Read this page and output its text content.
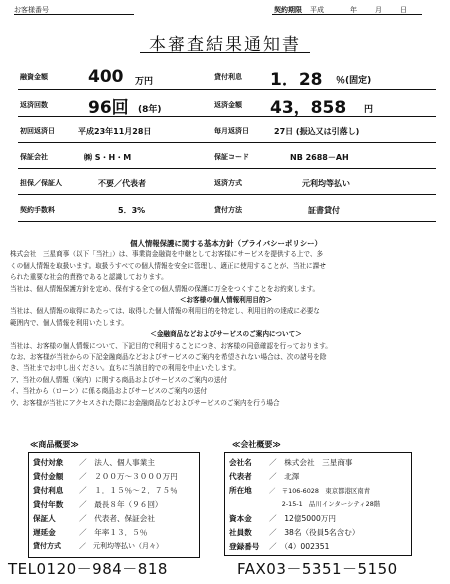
お客様番号	契約期限 平成	年	月	日
本審査結果通知書
融資金額 400 万円	貸付利息 1．28 ％(固定)
返済回数 96回 (8年)	返済金額 43，858 円
初回返済日	平成23年11月28日	毎月返済日	27日 (振込又は引落し)
保証会社	㈱ S・H・M	保証コード	NB 2688－AH
担保／保証人	不要／代表者	返済方式	元利均等払い
契約手数料	5．3%	貸付方法	証書貸付

個人情報保護に関する基本方針（プライバシーポリシー）

株式会社　三星商事（以下「当社」）は、事業資金融資を中継としてお客様にサービスを提供する上で、多

くの個人情報を取扱います。取扱うすべての個人情報を安全に管理し、適正に使用することが、当社に課せ

られた重要な社会的責務であると認識しております。

当社は、個人情報保護方針を定め、保有する全ての個人情報の保護に万全をつくすことをお約束します。

＜お客様の個人情報利用目的＞

当社は、個人情報の取得にあたっては、取得した個人情報の利用目的を特定し、利用目的の達成に必要な

範囲内で、個人情報を利用いたします。

＜金融商品などおよびサービスのご案内について＞

当社は、お客様の個人情報について、下記目的で利用することにつき、お客様の同意確認を行っております。

なお、お客様が当社からの下記金融商品などおよびサービスのご案内を希望されない場合は、次の諸号を除

き、当社までお申し出ください。直ちに当該目的での利用を中止いたします。

ア、当社の個人情報（案内）に関する商品およびサービスのご案内の送付

イ、当社から（ローン）に係る商品およびサービスのご案内の送付

ウ、お客様が当社にアクセスされた際にお金融商品などおよびサービスのご案内を行う場合

≪商品概要≫
貸付対象 ／　法人、個人事業主
貸付金額 ／　２００万～３０００万円
貸付利息 ／　１．１５％～２．７５％
貸付年数 ／　最長８年（９６回）
保証人	／　代表者、保証会社
遅延金	／　年率１３．５％
貸付方式	／　元利均等払い（月々）
≪会社概要≫
会社名 ／　株式会社　三星商事
代表者 ／　北澤
所在地	／　〒106-6028　東京都港区南青
　　2-15-1　品川インターシティ28階
資本金 ／　12億5000万円
社員数 ／　38名（役員5名含む）
登録番号 ／　（4）002351
TEL0120－984－818	FAX03－5351－5150
